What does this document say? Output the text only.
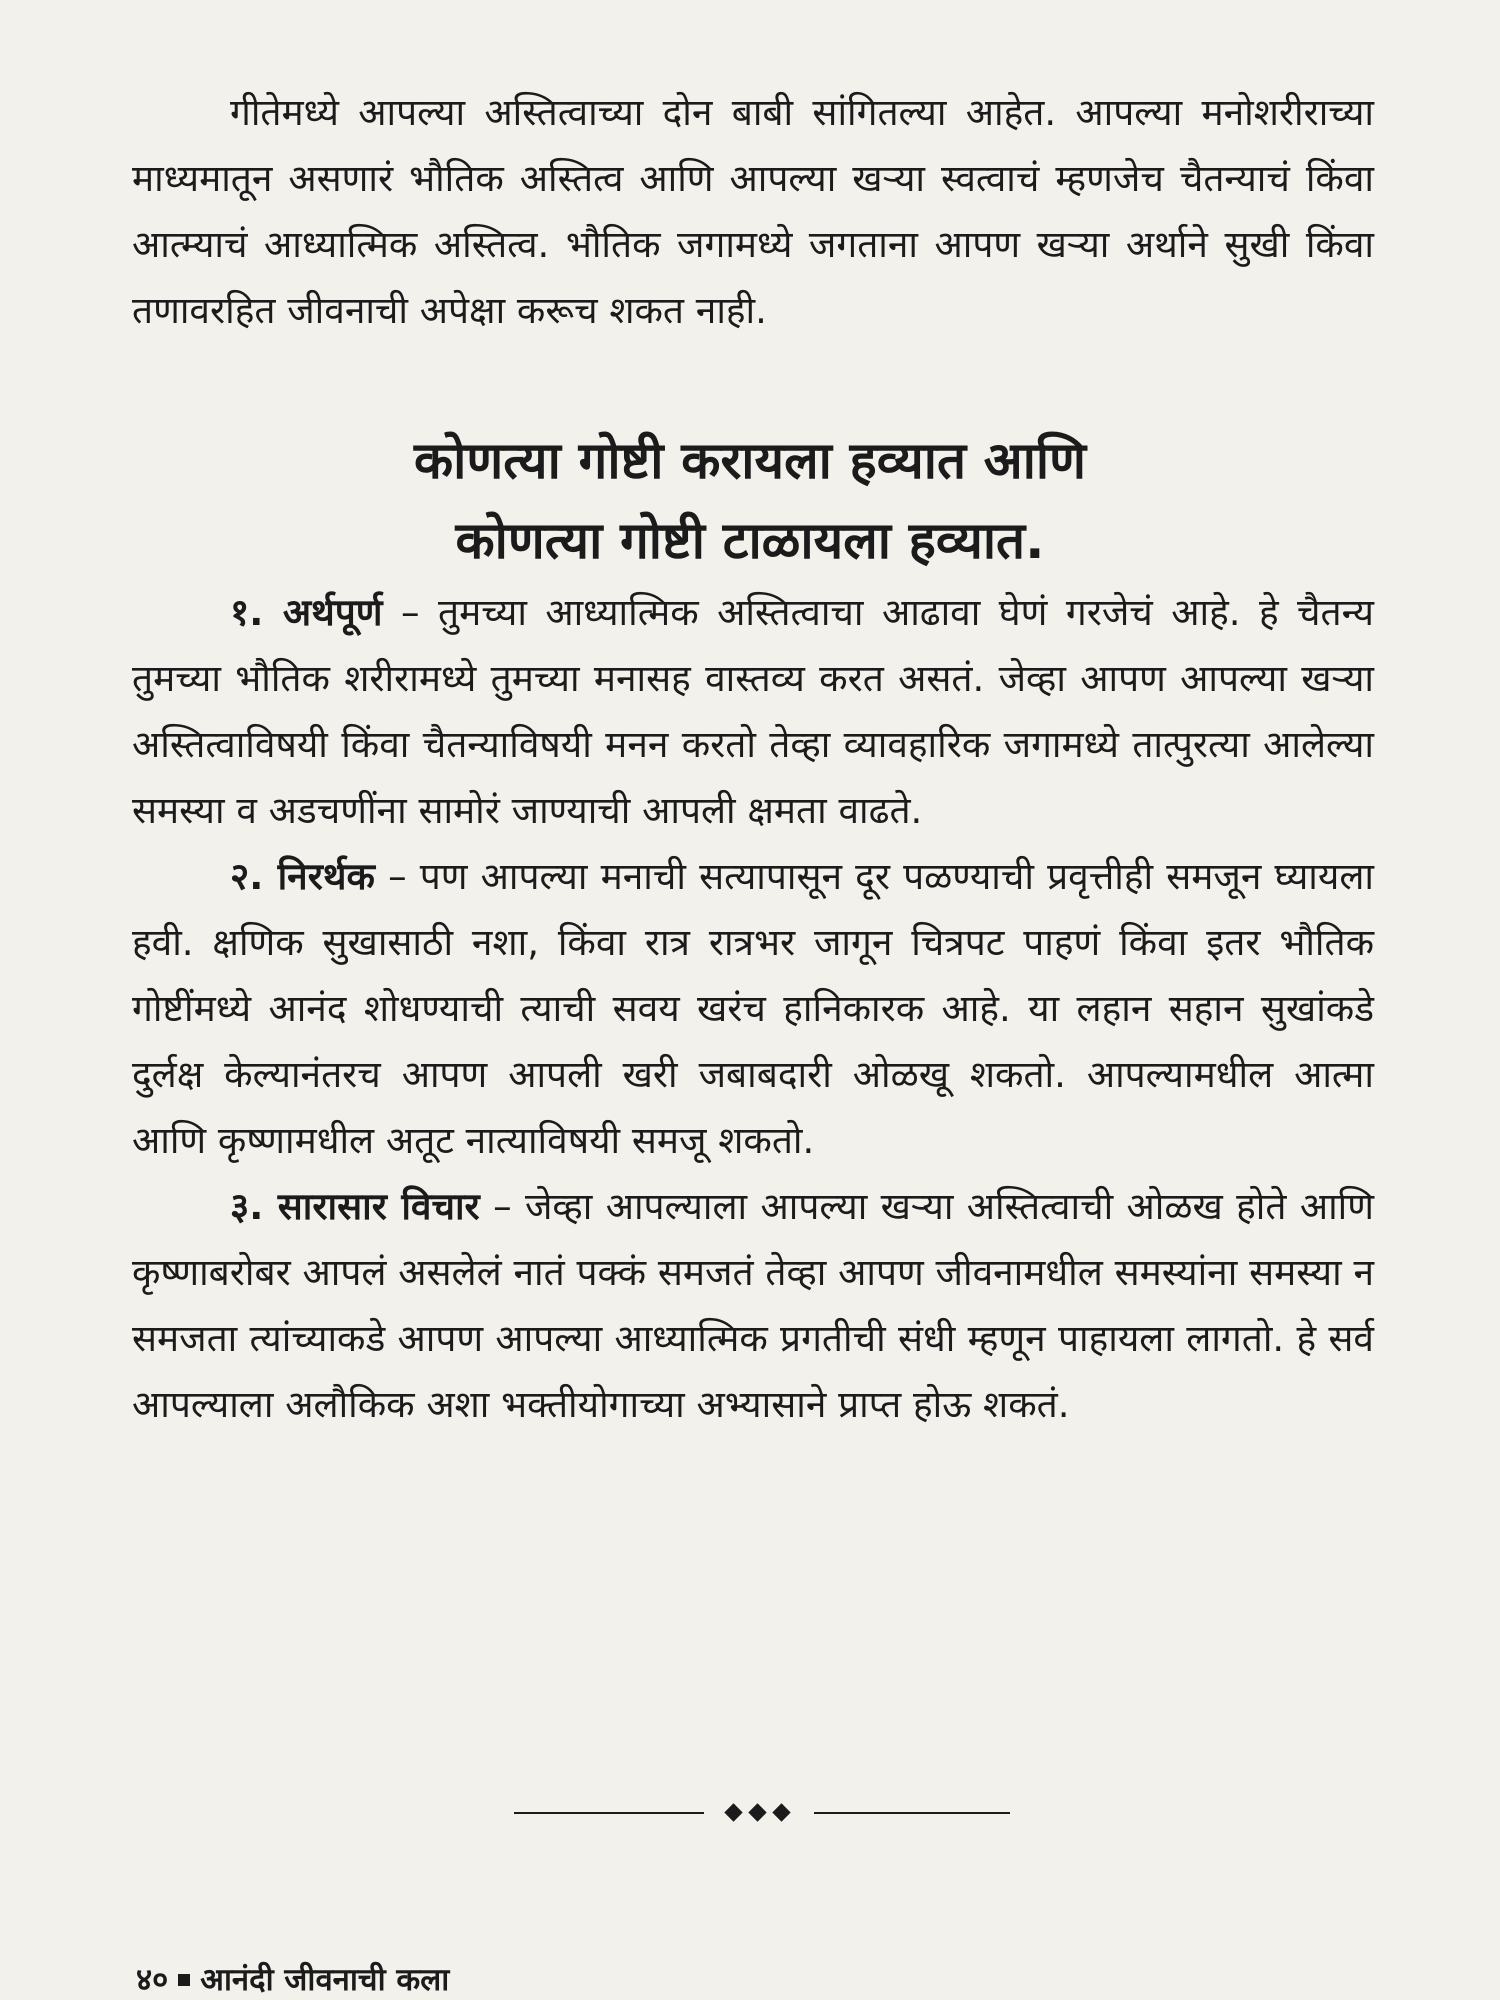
गीतेमध्ये आपल्या अस्तित्वाच्या दोन बाबी सांगितल्या आहेत. आपल्या मनोशरीराच्या माध्यमातून असणारं भौतिक अस्तित्व आणि आपल्या खऱ्या स्वत्वाचं म्हणजेच चैतन्याचं किंवा आत्म्याचं आध्यात्मिक अस्तित्व. भौतिक जगामध्ये जगताना आपण खऱ्या अर्थाने सुखी किंवा तणावरहित जीवनाची अपेक्षा करूच शकत नाही.

कोणत्या गोष्टी करायला हव्यात आणि
कोणत्या गोष्टी टाळायला हव्यात.

१. अर्थपूर्ण – तुमच्या आध्यात्मिक अस्तित्वाचा आढावा घेणं गरजेचं आहे. हे चैतन्य तुमच्या भौतिक शरीरामध्ये तुमच्या मनासह वास्तव्य करत असतं. जेव्हा आपण आपल्या खऱ्या अस्तित्वाविषयी किंवा चैतन्याविषयी मनन करतो तेव्हा व्यावहारिक जगामध्ये तात्पुरत्या आलेल्या समस्या व अडचणींना सामोरं जाण्याची आपली क्षमता वाढते.

२. निरर्थक – पण आपल्या मनाची सत्यापासून दूर पळण्याची प्रवृत्तीही समजून घ्यायला हवी. क्षणिक सुखासाठी नशा, किंवा रात्र रात्रभर जागून चित्रपट पाहणं किंवा इतर भौतिक गोष्टींमध्ये आनंद शोधण्याची त्याची सवय खरंच हानिकारक आहे. या लहान सहान सुखांकडे दुर्लक्ष केल्यानंतरच आपण आपली खरी जबाबदारी ओळखू शकतो. आपल्यामधील आत्मा आणि कृष्णामधील अतूट नात्याविषयी समजू शकतो.

३. सारासार विचार – जेव्हा आपल्याला आपल्या खऱ्या अस्तित्वाची ओळख होते आणि कृष्णाबरोबर आपलं असलेलं नातं पक्कं समजतं तेव्हा आपण जीवनामधील समस्यांना समस्या न समजता त्यांच्याकडे आपण आपल्या आध्यात्मिक प्रगतीची संधी म्हणून पाहायला लागतो. हे सर्व आपल्याला अलौकिक अशा भक्तीयोगाच्या अभ्यासाने प्राप्त होऊ शकतं.

४० आनंदी जीवनाची कला
